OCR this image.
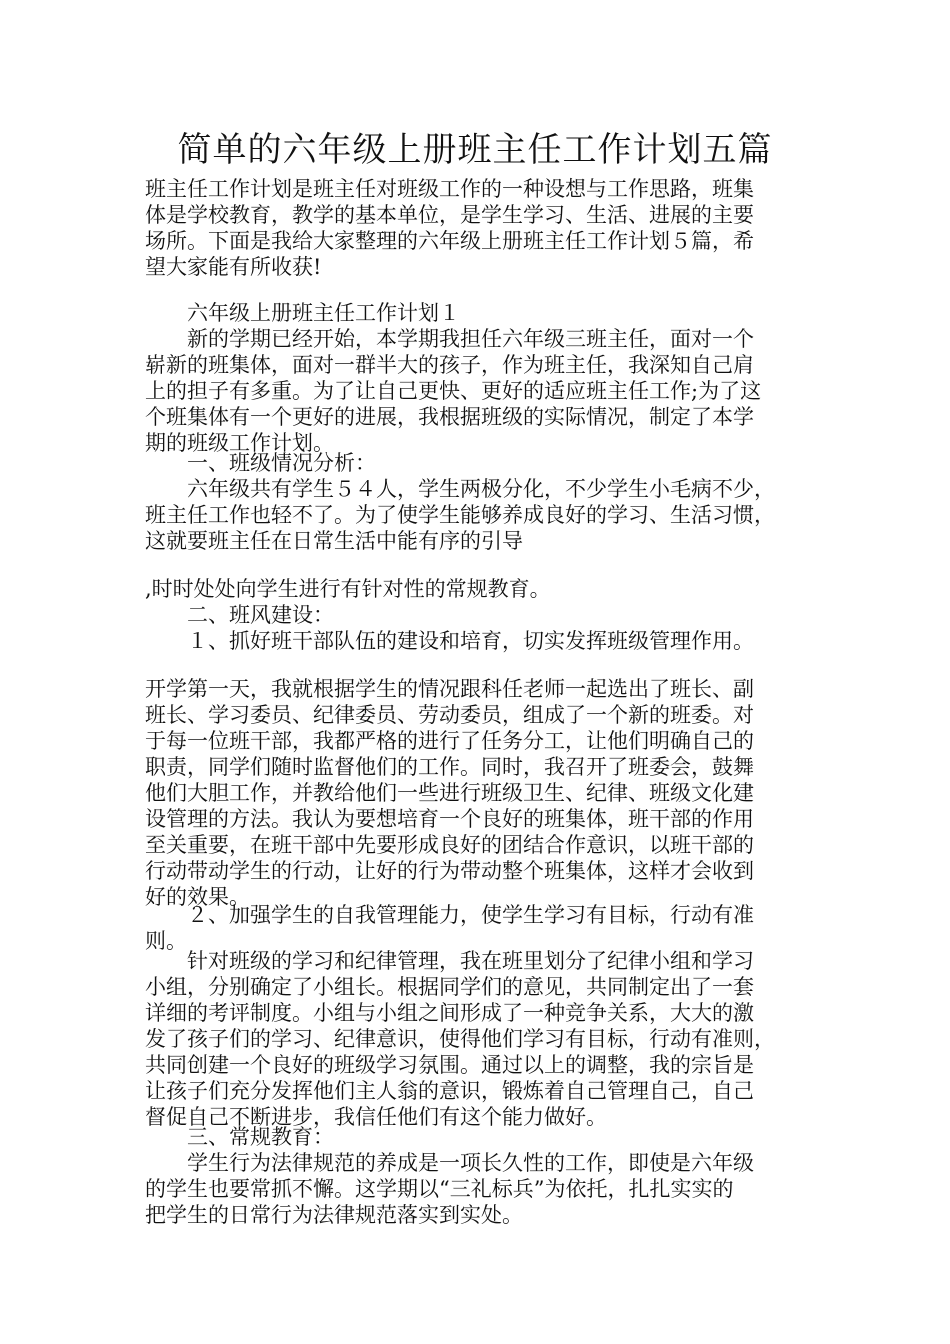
简单的六年级上册班主任工作计划五篇
班主任工作计划是班主任对班级工作的一种设想与工作思路，班集
体是学校教育，教学的基本单位，是学生学习、生活、进展的主要
场所。下面是我给大家整理的六年级上册班主任工作计划５篇，希
望大家能有所收获!
六年级上册班主任工作计划１
新的学期已经开始，本学期我担任六年级三班主任，面对一个
崭新的班集体，面对一群半大的孩子，作为班主任，我深知自己肩
上的担子有多重。为了让自己更快、更好的适应班主任工作;为了这
个班集体有一个更好的进展，我根据班级的实际情况，制定了本学
期的班级工作计划。
一、班级情况分析：
六年级共有学生５４人，学生两极分化，不少学生小毛病不少，
班主任工作也轻不了。为了使学生能够养成良好的学习、生活习惯，
这就要班主任在日常生活中能有序的引导
,时时处处向学生进行有针对性的常规教育。
二、班风建设：
１、抓好班干部队伍的建设和培育，切实发挥班级管理作用。
开学第一天，我就根据学生的情况跟科任老师一起选出了班长、副
班长、学习委员、纪律委员、劳动委员，组成了一个新的班委。对
于每一位班干部，我都严格的进行了任务分工，让他们明确自己的
职责，同学们随时监督他们的工作。同时，我召开了班委会，鼓舞
他们大胆工作，并教给他们一些进行班级卫生、纪律、班级文化建
设管理的方法。我认为要想培育一个良好的班集体，班干部的作用
至关重要，在班干部中先要形成良好的团结合作意识，以班干部的
行动带动学生的行动，让好的行为带动整个班集体，这样才会收到
好的效果。
２、加强学生的自我管理能力，使学生学习有目标，行动有准
则。
针对班级的学习和纪律管理，我在班里划分了纪律小组和学习
小组，分别确定了小组长。根据同学们的意见，共同制定出了一套
详细的考评制度。小组与小组之间形成了一种竞争关系，大大的激
发了孩子们的学习、纪律意识，使得他们学习有目标，行动有准则，
共同创建一个良好的班级学习氛围。通过以上的调整，我的宗旨是
让孩子们充分发挥他们主人翁的意识，锻炼着自己管理自己，自己
督促自己不断进步，我信任他们有这个能力做好。
三、常规教育：
学生行为法律规范的养成是一项长久性的工作，即使是六年级
的学生也要常抓不懈。这学期以“三礼标兵”为依托，扎扎实实的
把学生的日常行为法律规范落实到实处。
